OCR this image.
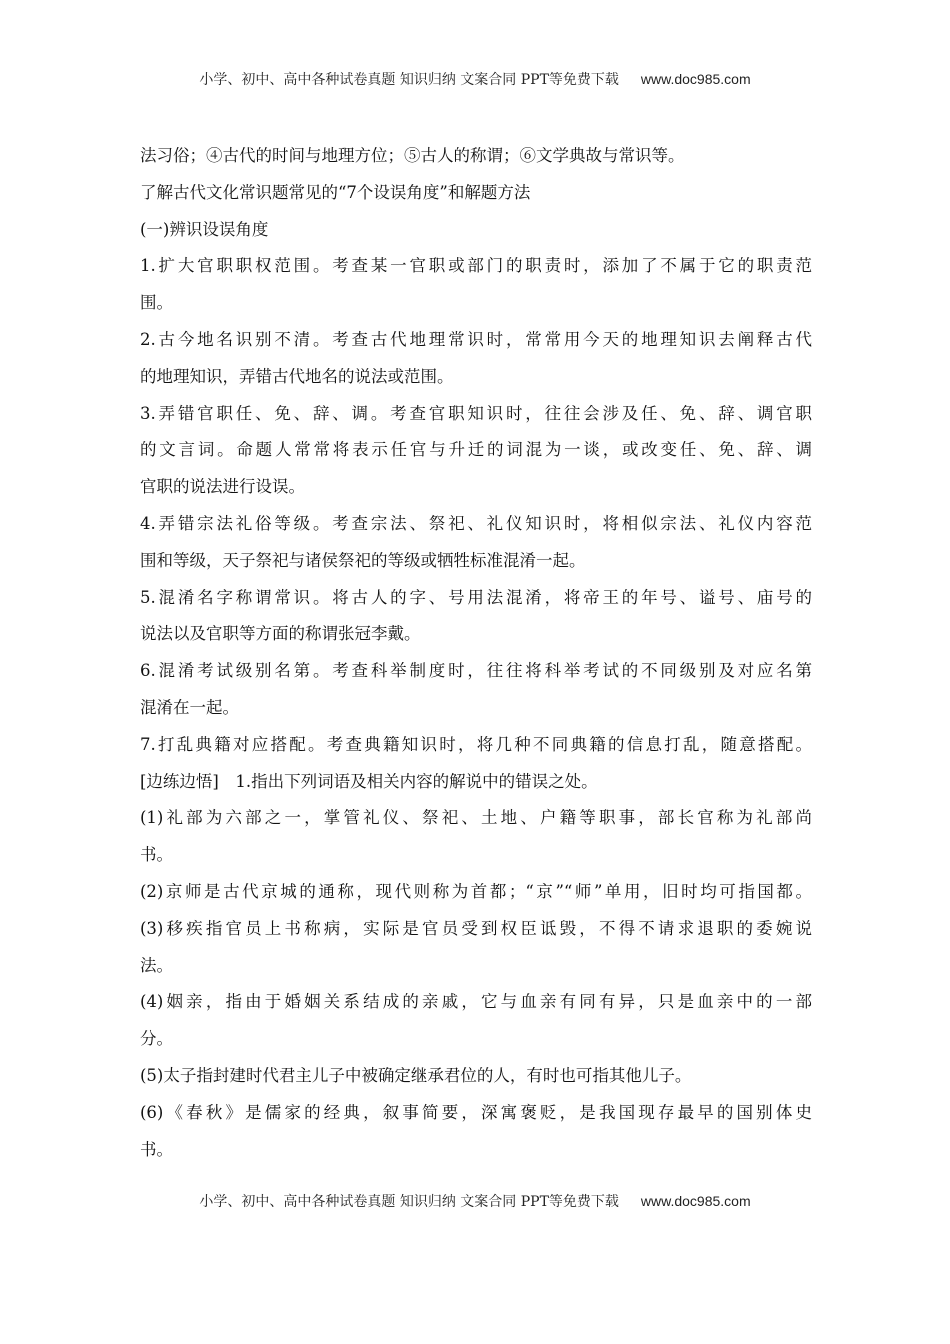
小学、初中、高中各种试卷真题 知识归纳 文案合同 PPT等免费下载 www.doc985.com
法习俗；④古代的时间与地理方位；⑤古人的称谓；⑥文学典故与常识等。
了解古代文化常识题常见的“7个设误角度”和解题方法
(一)辨识设误角度
1.扩大官职职权范围。考查某一官职或部门的职责时，添加了不属于它的职责范
围。
2.古今地名识别不清。考查古代地理常识时，常常用今天的地理知识去阐释古代
的地理知识，弄错古代地名的说法或范围。
3.弄错官职任、免、辞、调。考查官职知识时，往往会涉及任、免、辞、调官职
的文言词。命题人常常将表示任官与升迁的词混为一谈，或改变任、免、辞、调
官职的说法进行设误。
4.弄错宗法礼俗等级。考查宗法、祭祀、礼仪知识时，将相似宗法、礼仪内容范
围和等级，天子祭祀与诸侯祭祀的等级或牺牲标准混淆一起。
5.混淆名字称谓常识。将古人的字、号用法混淆，将帝王的年号、谥号、庙号的
说法以及官职等方面的称谓张冠李戴。
6.混淆考试级别名第。考查科举制度时，往往将科举考试的不同级别及对应名第
混淆在一起。
7.打乱典籍对应搭配。考查典籍知识时，将几种不同典籍的信息打乱，随意搭配。
[边练边悟]　1.指出下列词语及相关内容的解说中的错误之处。
(1)礼部为六部之一，掌管礼仪、祭祀、土地、户籍等职事，部长官称为礼部尚
书。
(2)京师是古代京城的通称，现代则称为首都；“京”“师”单用，旧时均可指国都。
(3)移疾指官员上书称病，实际是官员受到权臣诋毁，不得不请求退职的委婉说
法。
(4)姻亲，指由于婚姻关系结成的亲戚，它与血亲有同有异，只是血亲中的一部
分。
(5)太子指封建时代君主儿子中被确定继承君位的人，有时也可指其他儿子。
(6)《春秋》是儒家的经典，叙事简要，深寓褒贬，是我国现存最早的国别体史
书。
小学、初中、高中各种试卷真题 知识归纳 文案合同 PPT等免费下载 www.doc985.com
